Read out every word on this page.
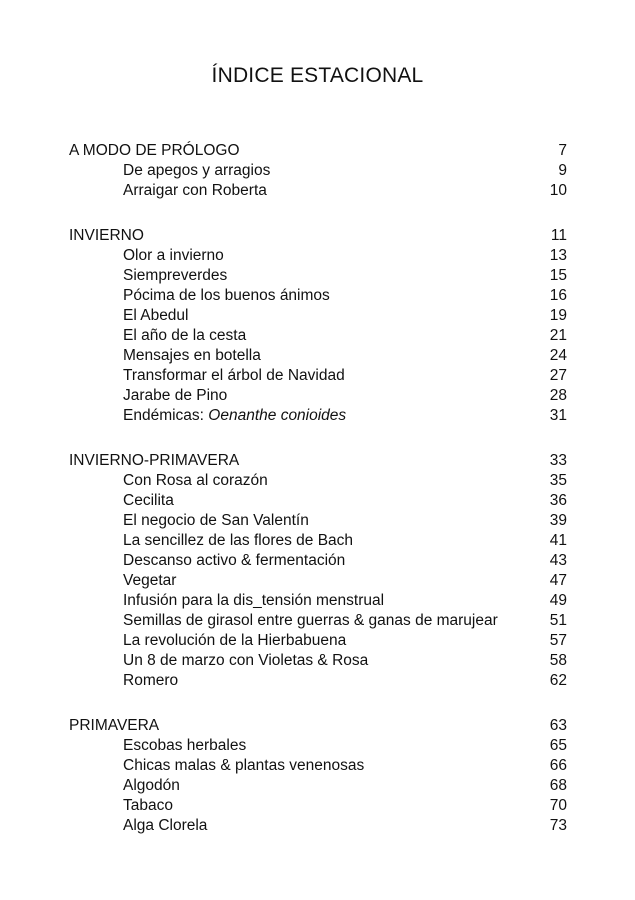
ÍNDICE ESTACIONAL
A MODO DE PRÓLOGO	7
De apegos y arragios	9
Arraigar con Roberta	10
INVIERNO	11
Olor a invierno	13
Siempreverdes	15
Pócima de los buenos ánimos	16
El Abedul	19
El año de la cesta	21
Mensajes en botella	24
Transformar el árbol de Navidad	27
Jarabe de Pino	28
Endémicas: Oenanthe conioides	31
INVIERNO-PRIMAVERA	33
Con Rosa al corazón	35
Cecilita	36
El negocio de San Valentín	39
La sencillez de las flores de Bach	41
Descanso activo & fermentación	43
Vegetar	47
Infusión para la dis_tensión menstrual	49
Semillas de girasol entre guerras & ganas de marujear	51
La revolución de la Hierbabuena	57
Un 8 de marzo con Violetas & Rosa	58
Romero	62
PRIMAVERA	63
Escobas herbales	65
Chicas malas & plantas venenosas	66
Algodón	68
Tabaco	70
Alga Clorela	73
